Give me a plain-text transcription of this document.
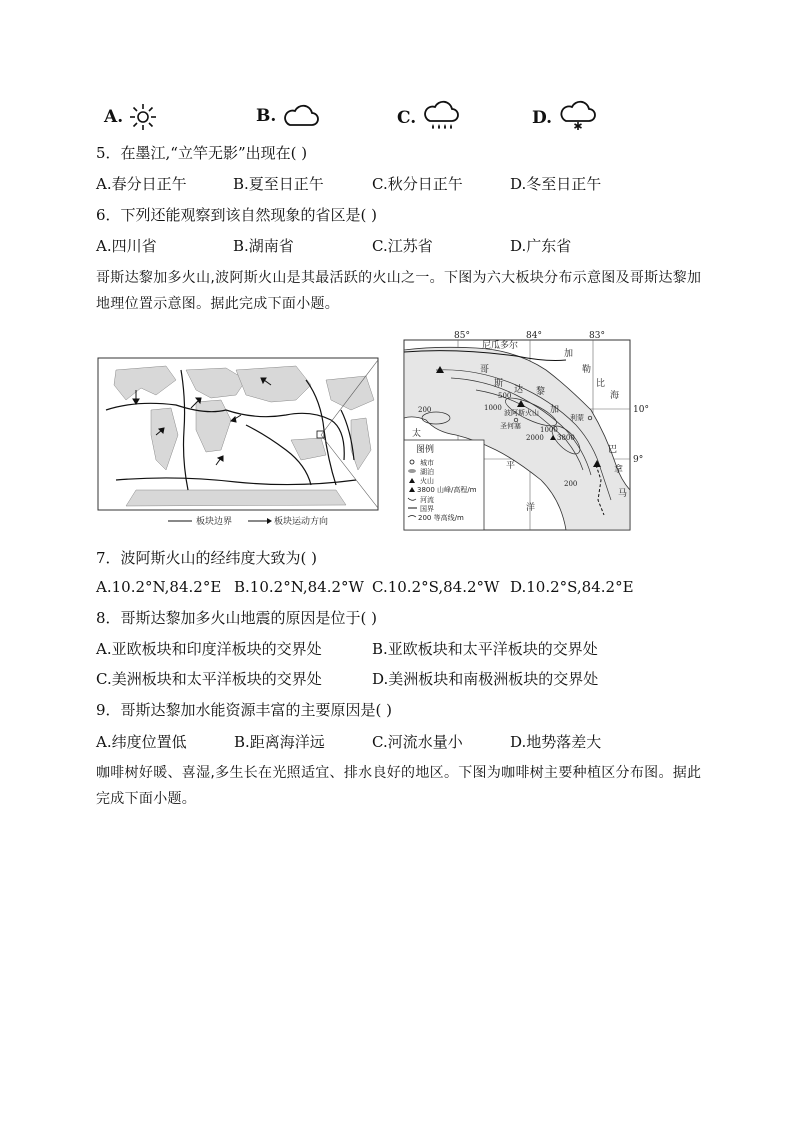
A.	B.	C.	D.
5．在墨江,“立竿无影”出现在( )
A.春分日正午	B.夏至日正午	C.秋分日正午	D.冬至日正午
6．下列还能观察到该自然现象的省区是( )
A.四川省	B.湖南省	C.江苏省	D.广东省
哥斯达黎加多火山,波阿斯火山是其最活跃的火山之一。下图为六大板块分布示意图及哥斯达黎加地理位置示意图。据此完成下面小题。
板块边界	板块运动方向
85°	84°	83°
10°
9°
图例
城市
湖泊
火山
3800 山峰/高程/m
河流
国界
200 等高线/m
尼瓜多尔
哥
斯
达 黎
加
加
勒
比
海
太
平
洋
巴
拿
马
波阿斯火山
圣何塞
利蒙
3800
500
1000
1000
200
200
2000
7．波阿斯火山的经纬度大致为( )
A.10.2°N,84.2°E B.10.2°N,84.2°W C.10.2°S,84.2°W D.10.2°S,84.2°E
8．哥斯达黎加多火山地震的原因是位于( )
A.亚欧板块和印度洋板块的交界处	B.亚欧板块和太平洋板块的交界处
C.美洲板块和太平洋板块的交界处	D.美洲板块和南极洲板块的交界处
9．哥斯达黎加水能资源丰富的主要原因是( )
A.纬度位置低	B.距离海洋远	C.河流水量小	D.地势落差大
咖啡树好暖、喜湿,多生长在光照适宜、排水良好的地区。下图为咖啡树主要种植区分布图。据此完成下面小题。
